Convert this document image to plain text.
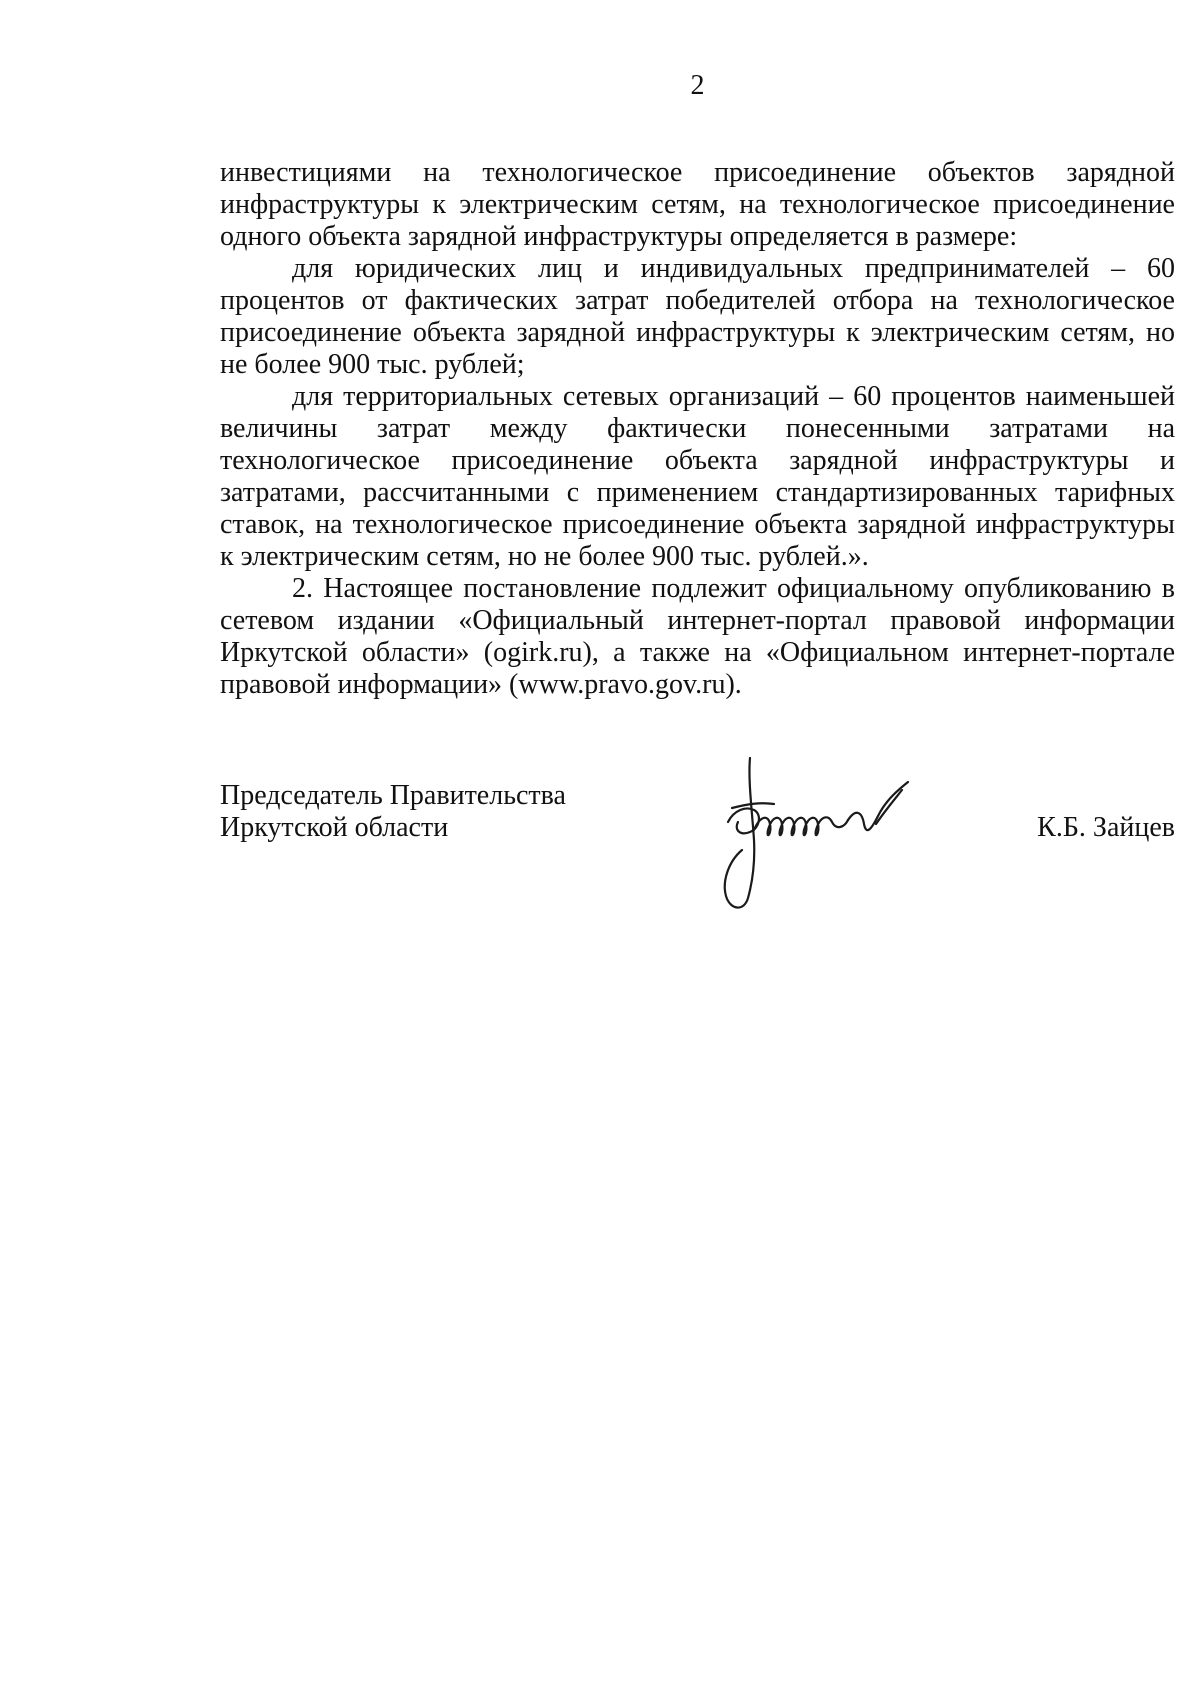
2

инвестициями на технологическое присоединение объектов зарядной инфраструктуры к электрическим сетям, на технологическое присоединение одного объекта зарядной инфраструктуры определяется в размере:

для юридических лиц и индивидуальных предпринимателей – 60 процентов от фактических затрат победителей отбора на технологическое присоединение объекта зарядной инфраструктуры к электрическим сетям, но не более 900 тыс. рублей;

для территориальных сетевых организаций – 60 процентов наименьшей величины затрат между фактически понесенными затратами на технологическое присоединение объекта зарядной инфраструктуры и затратами, рассчитанными с применением стандартизированных тарифных ставок, на технологическое присоединение объекта зарядной инфраструктуры к электрическим сетям, но не более 900 тыс. рублей.».

2. Настоящее постановление подлежит официальному опубликованию в сетевом издании «Официальный интернет-портал правовой информации Иркутской области» (ogirk.ru), а также на «Официальном интернет-портале правовой информации» (www.pravo.gov.ru).

Председатель Правительства
Иркутской области	К.Б. Зайцев
